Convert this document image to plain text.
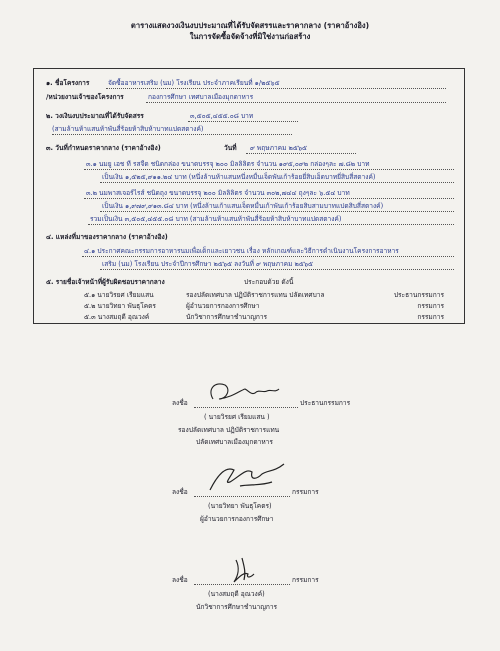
ตารางแสดงวงเงินงบประมาณที่ได้รับจัดสรรและราคากลาง (ราคาอ้างอิง)
ในการจัดซื้อจัดจ้างที่มิใช่งานก่อสร้าง
๑. ชื่อโครงการ	จัดซื้ออาหารเสริม (นม) โรงเรียน ประจำภาคเรียนที่ ๑/๒๕๖๕
/หน่วยงานเจ้าของโครงการ	กองการศึกษา เทศบาลเมืองมุกดาหาร
๒. วงเงินงบประมาณที่ได้รับจัดสรร	๓,๕๐๕,๔๕๕.๐๘ บาท
(สามล้านห้าแสนห้าพันสี่ร้อยห้าสิบห้าบาทแปดสตางค์)
๓. วันที่กำหนดราคากลาง (ราคาอ้างอิง)	วันที่ ๙ พฤษภาคม ๒๕๖๕
๓.๑ นมยู เอช ที รสจืด ชนิดกล่อง ขนาดบรรจุ ๒๐๐ มิลลิลิตร จำนวน ๑๙๕,๐๙๒ กล่องๆละ ๗.๘๒ บาท
เป็นเงิน ๑,๕๒๕,๙๑๑.๒๔ บาท (หนึ่งล้านห้าแสนหนึ่งหมื่นเจ็ดพันเก้าร้อยยี่สิบเอ็ดบาทยี่สิบสี่สตางค์)
๓.๒ นมพาสเจอร์ไรส์ ชนิดถุง ขนาดบรรจุ ๒๐๐ มิลลิลิตร จำนวน ๓๐๒,๗๔๔ ถุงๆละ ๖.๕๔ บาท
เป็นเงิน ๑,๙๗๙,๙๑๓.๘๔ บาท (หนึ่งล้านเก้าแสนเจ็ดหมื่นเก้าพันเก้าร้อยสิบสามบาทแปดสิบสี่สตางค์)
รวมเป็นเงิน ๓,๕๐๕,๔๕๕.๐๘ บาท (สามล้านห้าแสนห้าพันสี่ร้อยห้าสิบห้าบาทแปดสตางค์)
๔. แหล่งที่มาของราคากลาง (ราคาอ้างอิง)
๔.๑ ประกาศคณะกรรมการอาหารนมเพื่อเด็กและเยาวชน เรื่อง หลักเกณฑ์และวิธีการดำเนินงานโครงการอาหาร
เสริม (นม) โรงเรียน ประจำปีการศึกษา ๒๕๖๕ ลงวันที่ ๙ พฤษภาคม ๒๕๖๕
๕. รายชื่อเจ้าหน้าที่ผู้รับผิดชอบราคากลาง	ประกอบด้วย ดังนี้
๕.๑ นายวิรยศ เรียมแสน	รองปลัดเทศบาล ปฏิบัติราชการแทน ปลัดเทศบาล	ประธานกรรมการ
๕.๒ นายวิทยา พันธุโคตร	ผู้อำนวยการกองการศึกษา	กรรมการ
๕.๓ นางสมฤดี อุณวงค์	นักวิชาการศึกษาชำนาญการ	กรรมการ
ลงชื่อ	ประธานกรรมการ
( นายวิรยศ เรียมแสน )
รองปลัดเทศบาล ปฏิบัติราชการแทน
ปลัดเทศบาลเมืองมุกดาหาร
ลงชื่อ	กรรมการ
(นายวิทยา พันธุโคตร)
ผู้อำนวยการกองการศึกษา
ลงชื่อ	กรรมการ
(นางสมฤดี อุณวงค์)
นักวิชาการศึกษาชำนาญการ
